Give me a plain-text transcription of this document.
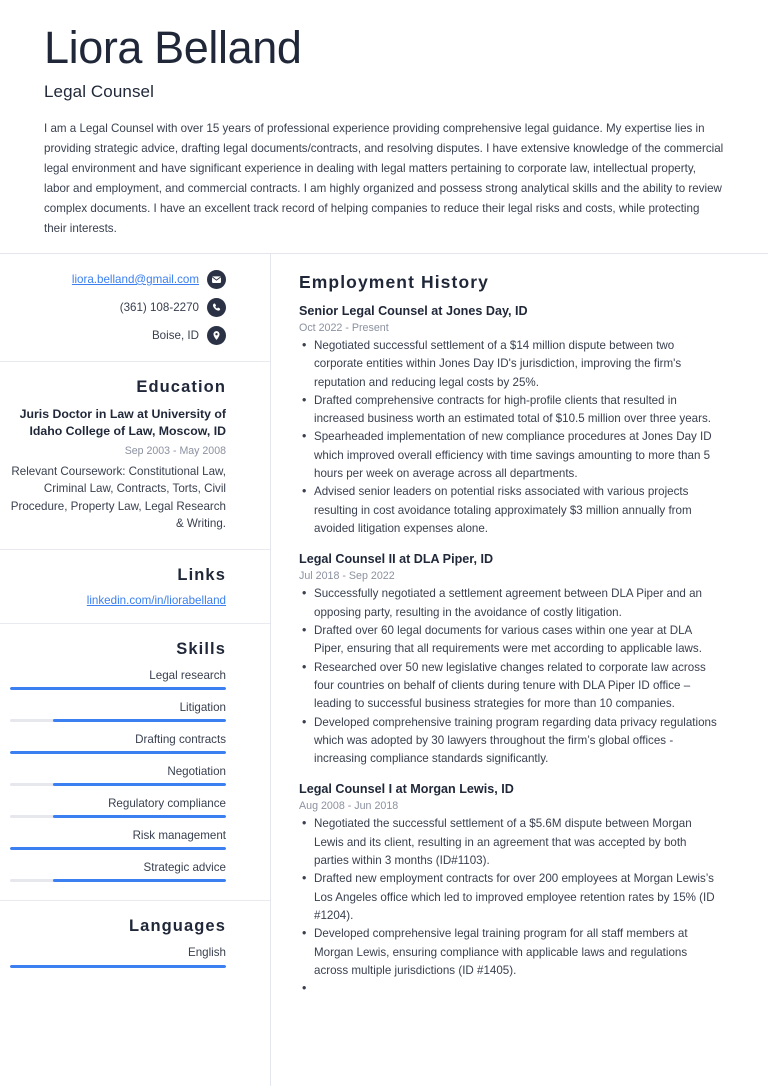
Liora Belland
Legal Counsel

I am a Legal Counsel with over 15 years of professional experience providing comprehensive legal guidance. My expertise lies in providing strategic advice, drafting legal documents/contracts, and resolving disputes. I have extensive knowledge of the commercial legal environment and have significant experience in dealing with legal matters pertaining to corporate law, intellectual property, labor and employment, and commercial contracts. I am highly organized and possess strong analytical skills and the ability to review complex documents. I have an excellent track record of helping companies to reduce their legal risks and costs, while protecting their interests.

liora.belland@gmail.com
(361) 108-2270
Boise, ID
Education
Juris Doctor in Law at University of Idaho College of Law, Moscow, ID
Sep 2003 - May 2008
Relevant Coursework: Constitutional Law, Criminal Law, Contracts, Torts, Civil Procedure, Property Law, Legal Research & Writing.
Links
linkedin.com/in/liorabelland
Skills
Legal research
Litigation
Drafting contracts
Negotiation
Regulatory compliance
Risk management
Strategic advice
Languages
English
Employment History
Senior Legal Counsel at Jones Day, ID
Oct 2022 - Present
• Negotiated successful settlement of a $14 million dispute between two corporate entities within Jones Day ID's jurisdiction, improving the firm's reputation and reducing legal costs by 25%.
• Drafted comprehensive contracts for high-profile clients that resulted in increased business worth an estimated total of $10.5 million over three years.
• Spearheaded implementation of new compliance procedures at Jones Day ID which improved overall efficiency with time savings amounting to more than 5 hours per week on average across all departments.
• Advised senior leaders on potential risks associated with various projects resulting in cost avoidance totaling approximately $3 million annually from avoided litigation expenses alone.
Legal Counsel II at DLA Piper, ID
Jul 2018 - Sep 2022
• Successfully negotiated a settlement agreement between DLA Piper and an opposing party, resulting in the avoidance of costly litigation.
• Drafted over 60 legal documents for various cases within one year at DLA Piper, ensuring that all requirements were met according to applicable laws.
• Researched over 50 new legislative changes related to corporate law across four countries on behalf of clients during tenure with DLA Piper ID office – leading to successful business strategies for more than 10 companies.
• Developed comprehensive training program regarding data privacy regulations which was adopted by 30 lawyers throughout the firm’s global offices - increasing compliance standards significantly.
Legal Counsel I at Morgan Lewis, ID
Aug 2008 - Jun 2018
• Negotiated the successful settlement of a $5.6M dispute between Morgan Lewis and its client, resulting in an agreement that was accepted by both parties within 3 months (ID#1103).
• Drafted new employment contracts for over 200 employees at Morgan Lewis’s Los Angeles office which led to improved employee retention rates by 15% (ID #1204).
• Developed comprehensive legal training program for all staff members at Morgan Lewis, ensuring compliance with applicable laws and regulations across multiple jurisdictions (ID #1405).
•
